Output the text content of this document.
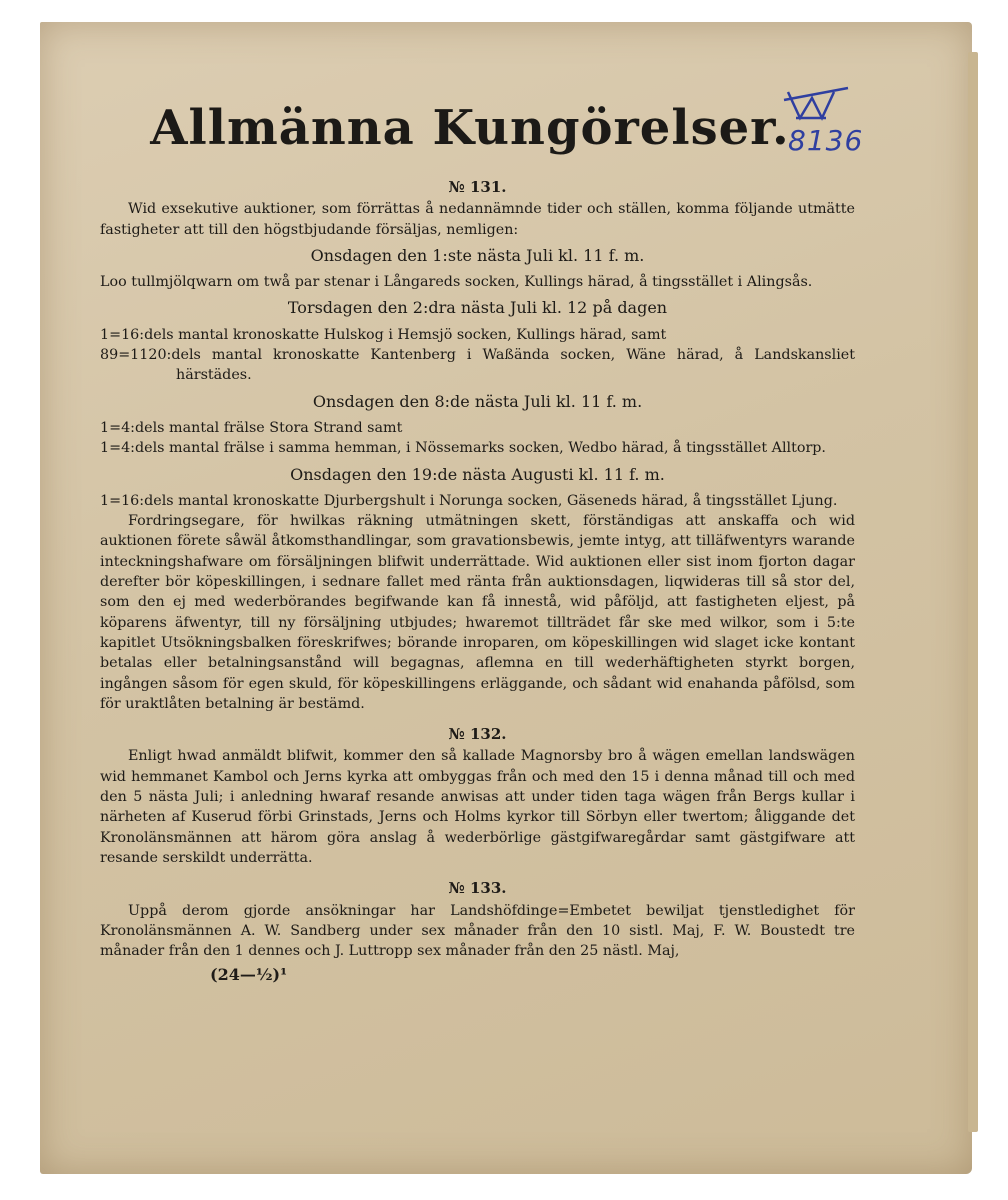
8136
Allmänna Kungörelser.
№ 131.

Wid exsekutive auktioner, som förrättas å nedannämnde tider och ställen, komma följande utmätte fastigheter att till den högstbjudande försäljas, nemligen:

Onsdagen den 1:ste nästa Juli kl. 11 f. m.

Loo tullmjölqwarn om twå par stenar i Långareds socken, Kullings härad, å tingsstället i Alingsås.

Torsdagen den 2:dra nästa Juli kl. 12 på dagen

1=16:dels mantal kronoskatte Hulskog i Hemsjö socken, Kullings härad, samt

89=1120:dels mantal kronoskatte Kantenberg i Waßända socken, Wäne härad, å Landskansliet härstädes.

Onsdagen den 8:de nästa Juli kl. 11 f. m.

1=4:dels mantal frälse Stora Strand samt

1=4:dels mantal frälse i samma hemman, i Nössemarks socken, Wedbo härad, å tingsstället Alltorp.

Onsdagen den 19:de nästa Augusti kl. 11 f. m.

1=16:dels mantal kronoskatte Djurbergshult i Norunga socken, Gäseneds härad, å tingsstället Ljung.

Fordringsegare, för hwilkas räkning utmätningen skett, förständigas att anskaffa och wid auktionen förete såwäl åtkomsthandlingar, som gravationsbewis, jemte intyg, att tilläfwentyrs warande inteckningshafware om försäljningen blifwit underrättade. Wid auktionen eller sist inom fjorton dagar derefter bör köpeskillingen, i sednare fallet med ränta från auktionsdagen, liqwideras till så stor del, som den ej med wederbörandes begifwande kan få innestå, wid påföljd, att fastigheten eljest, på köparens äfwentyr, till ny försäljning utbjudes; hwaremot tillträdet får ske med wilkor, som i 5:te kapitlet Utsökningsbalken föreskrifwes; börande inroparen, om köpeskillingen wid slaget icke kontant betalas eller betalningsanstånd will begagnas, aflemna en till wederhäftigheten styrkt borgen, ingången såsom för egen skuld, för köpeskillingens erläggande, och sådant wid enahanda påfölsd, som för uraktlåten betalning är bestämd.

№ 132.

Enligt hwad anmäldt blifwit, kommer den så kallade Magnorsby bro å wägen emellan landswägen wid hemmanet Kambol och Jerns kyrka att ombyggas från och med den 15 i denna månad till och med den 5 nästa Juli; i anledning hwaraf resande anwisas att under tiden taga wägen från Bergs kullar i närheten af Kuserud förbi Grinstads, Jerns och Holms kyrkor till Sörbyn eller twertom; åliggande det Kronolänsmännen att härom göra anslag å wederbörlige gästgifwaregårdar samt gästgifware att resande serskildt underrätta.

№ 133.

Uppå derom gjorde ansökningar har Landshöfdinge=Embetet bewiljat tjenstledighet för Kronolänsmännen A. W. Sandberg under sex månader från den 10 sistl. Maj, F. W. Boustedt tre månader från den 1 dennes och J. Luttropp sex månader från den 25 nästl. Maj,

(24—½)¹
